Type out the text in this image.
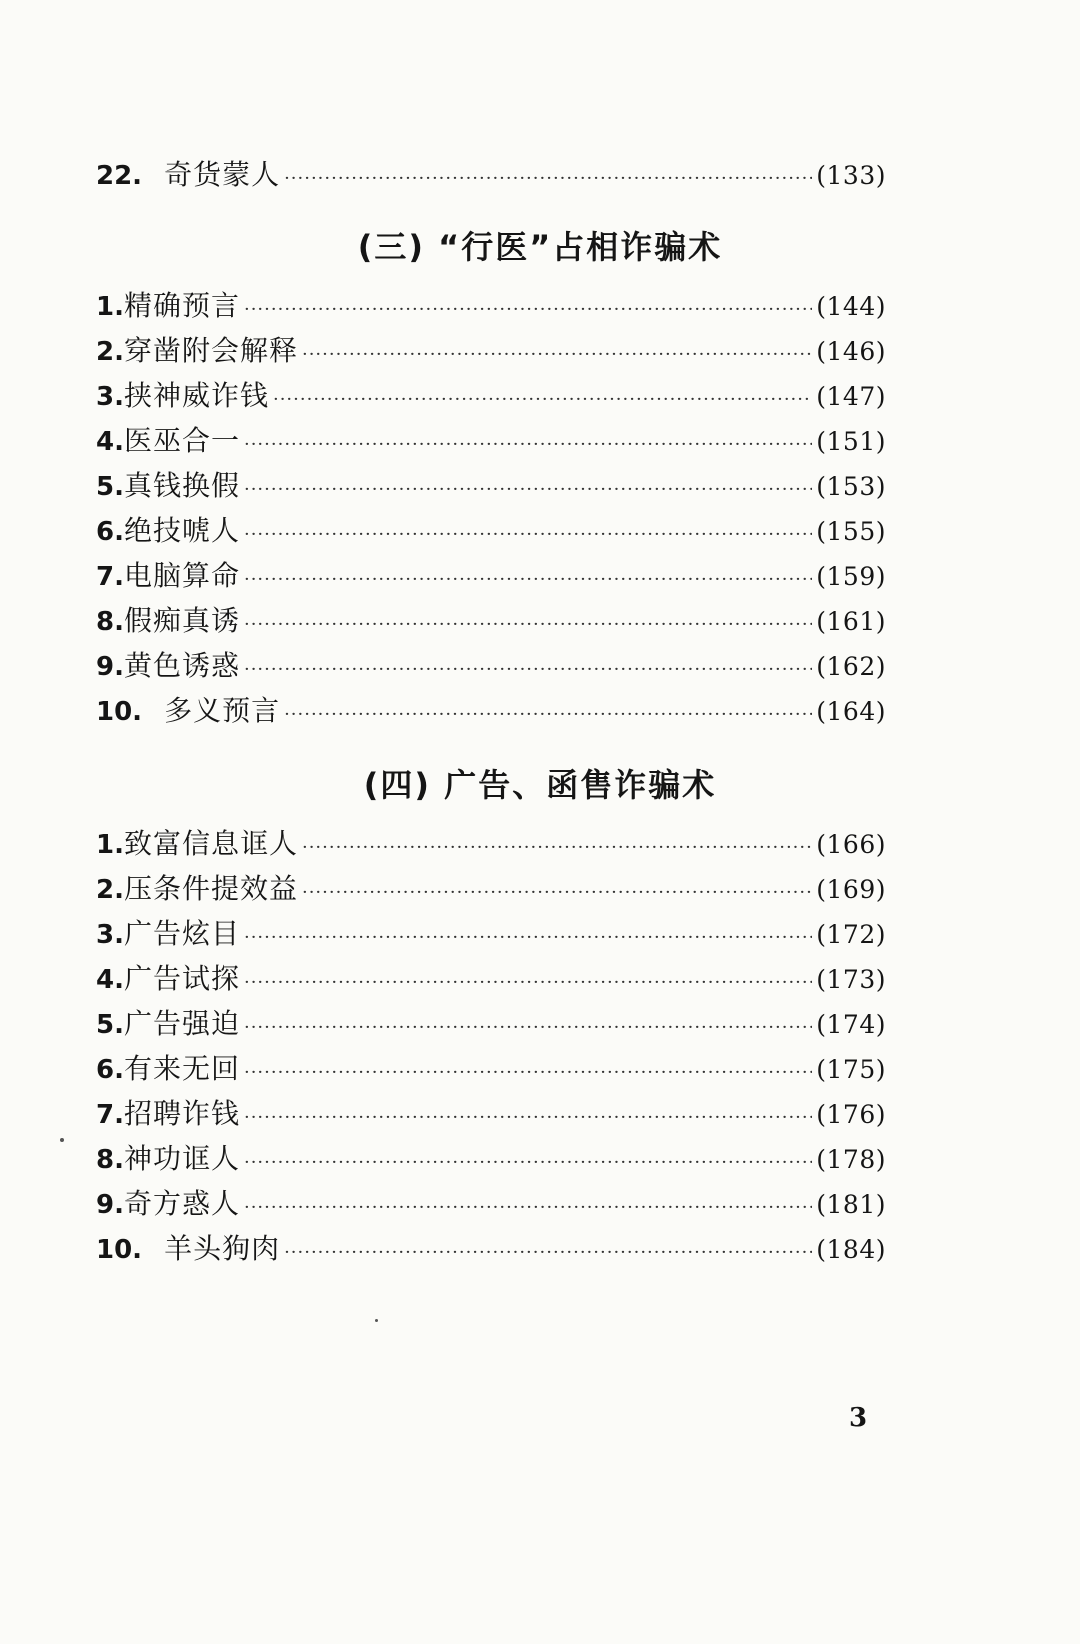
22. 奇货蒙人 ·····	(133)
(三) “行医”占相诈骗术
1. 精确预言 ·····	(144)
2. 穿凿附会解释 ·····	(146)
3. 挟神威诈钱 ·····	(147)
4. 医巫合一 ·····	(151)
5. 真钱换假 ·····	(153)
6. 绝技唬人 ·····	(155)
7. 电脑算命 ·····	(159)
8. 假痴真诱 ·····	(161)
9. 黄色诱惑 ·····	(162)
10. 多义预言 ·····	(164)
(四) 广告、函售诈骗术
1. 致富信息诓人 ·····	(166)
2. 压条件提效益 ·····	(169)
3. 广告炫目 ·····	(172)
4. 广告试探 ·····	(173)
5. 广告强迫 ·····	(174)
6. 有来无回 ·····	(175)
7. 招聘诈钱 ·····	(176)
8. 神功诓人 ·····	(178)
9. 奇方惑人 ·····	(181)
10. 羊头狗肉 ·····	(184)
3
